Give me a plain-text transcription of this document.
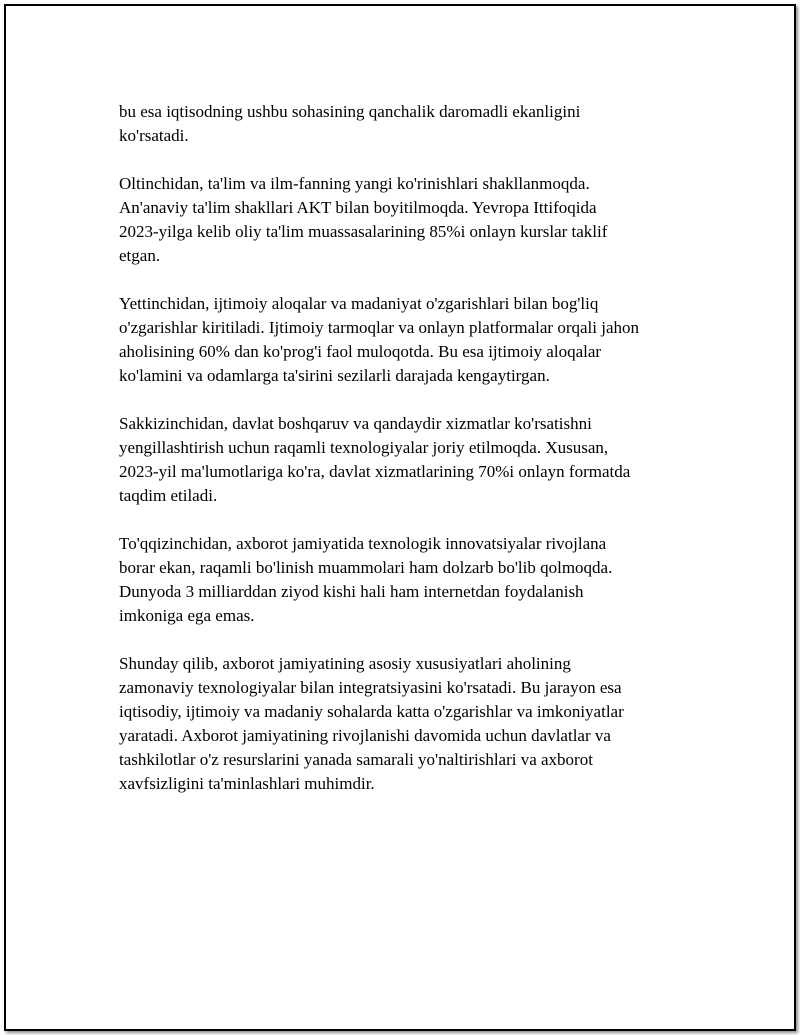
bu esa iqtisodning ushbu sohasining qanchalik daromadli ekanligini
ko'rsatadi.

Oltinchidan, ta'lim va ilm-fanning yangi ko'rinishlari shakllanmoqda.
An'anaviy ta'lim shakllari AKT bilan boyitilmoqda. Yevropa Ittifoqida
2023-yilga kelib oliy ta'lim muassasalarining 85%i onlayn kurslar taklif
etgan.

Yettinchidan, ijtimoiy aloqalar va madaniyat o'zgarishlari bilan bog'liq
o'zgarishlar kiritiladi. Ijtimoiy tarmoqlar va onlayn platformalar orqali jahon
aholisining 60% dan ko'prog'i faol muloqotda. Bu esa ijtimoiy aloqalar
ko'lamini va odamlarga ta'sirini sezilarli darajada kengaytirgan.

Sakkizinchidan, davlat boshqaruv va qandaydir xizmatlar ko'rsatishni
yengillashtirish uchun raqamli texnologiyalar joriy etilmoqda. Xususan,
2023-yil ma'lumotlariga ko'ra, davlat xizmatlarining 70%i onlayn formatda
taqdim etiladi.

To'qqizinchidan, axborot jamiyatida texnologik innovatsiyalar rivojlana
borar ekan, raqamli bo'linish muammolari ham dolzarb bo'lib qolmoqda.
Dunyoda 3 milliarddan ziyod kishi hali ham internetdan foydalanish
imkoniga ega emas.

Shunday qilib, axborot jamiyatining asosiy xususiyatlari aholining
zamonaviy texnologiyalar bilan integratsiyasini ko'rsatadi. Bu jarayon esa
iqtisodiy, ijtimoiy va madaniy sohalarda katta o'zgarishlar va imkoniyatlar
yaratadi. Axborot jamiyatining rivojlanishi davomida uchun davlatlar va
tashkilotlar o'z resurslarini yanada samarali yo'naltirishlari va axborot
xavfsizligini ta'minlashlari muhimdir.
